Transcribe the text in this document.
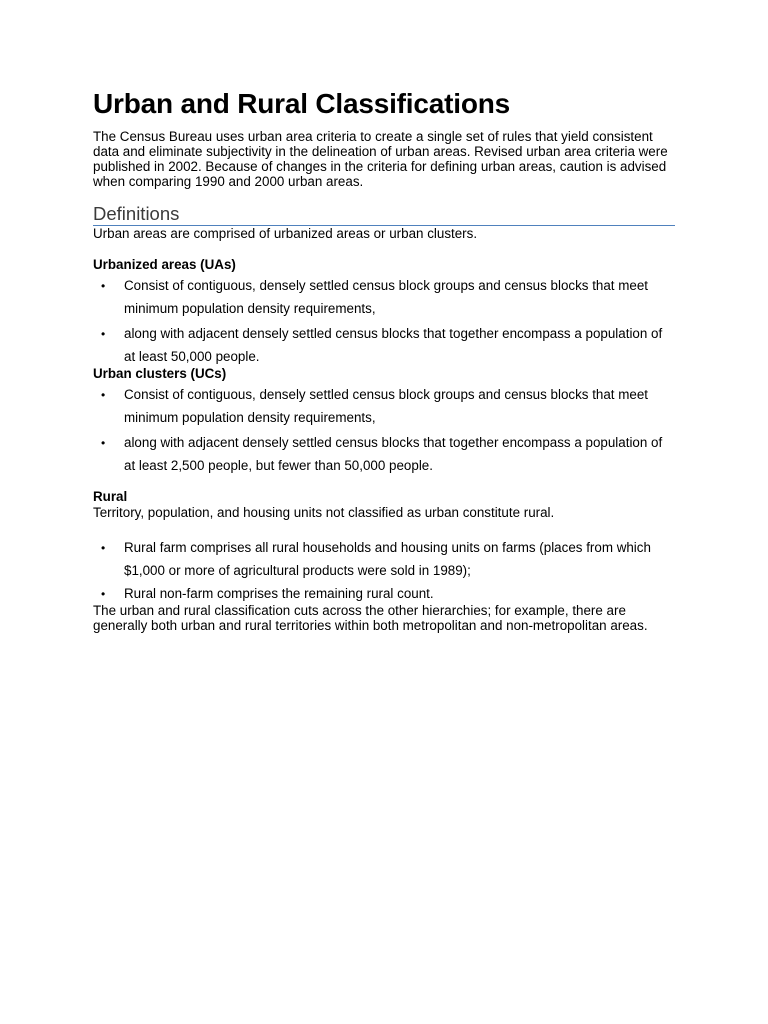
Urban and Rural Classifications

The Census Bureau uses urban area criteria to create a single set of rules that yield consistent data and eliminate subjectivity in the delineation of urban areas. Revised urban area criteria were published in 2002. Because of changes in the criteria for defining urban areas, caution is advised when comparing 1990 and 2000 urban areas.

Definitions

Urban areas are comprised of urbanized areas or urban clusters.

Urbanized areas (UAs)

• Consist of contiguous, densely settled census block groups and census blocks that meet minimum population density requirements,
• along with adjacent densely settled census blocks that together encompass a population of at least 50,000 people.

Urban clusters (UCs)

• Consist of contiguous, densely settled census block groups and census blocks that meet minimum population density requirements,
• along with adjacent densely settled census blocks that together encompass a population of at least 2,500 people, but fewer than 50,000 people.

Rural

Territory, population, and housing units not classified as urban constitute rural.

• Rural farm comprises all rural households and housing units on farms (places from which $1,000 or more of agricultural products were sold in 1989);
• Rural non-farm comprises the remaining rural count.

The urban and rural classification cuts across the other hierarchies; for example, there are generally both urban and rural territories within both metropolitan and non-metropolitan areas.
